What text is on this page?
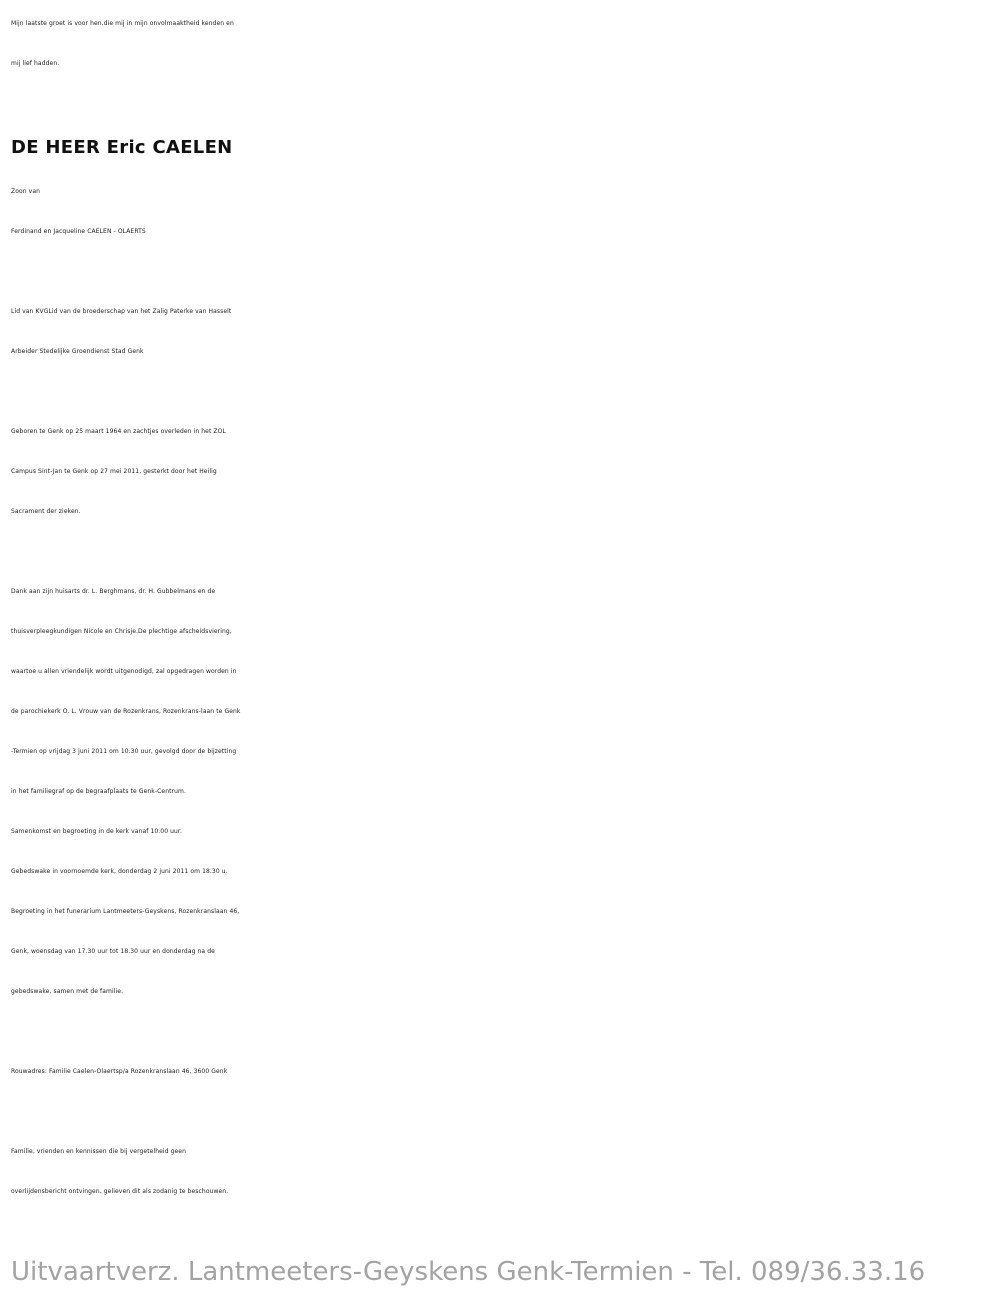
Mijn laatste groet is voor hen,die mij in mijn onvolmaaktheid kenden en
mij lief hadden.
DE HEER Eric CAELEN
Zoon van
Ferdinand en Jacqueline CAELEN - OLAERTS
Lid van KVGLid van de broederschap van het Zalig Paterke van Hasselt
Arbeider Stedelijke Groendienst Stad Genk
Geboren te Genk op 25 maart 1964 en zachtjes overleden in het ZOL
Campus Sint-Jan te Genk op 27 mei 2011, gesterkt door het Heilig
Sacrament der zieken.
Dank aan zijn huisarts dr. L. Berghmans, dr. H. Gubbelmans en de
thuisverpleegkundigen Nicole en Chrisje.De plechtige afscheidsviering,
waartoe u allen vriendelijk wordt uitgenodigd, zal opgedragen worden in
de parochiekerk O. L. Vrouw van de Rozenkrans, Rozenkrans-laan te Genk
-Termien op vrijdag 3 juni 2011 om 10.30 uur, gevolgd door de bijzetting
in het familiegraf op de begraafplaats te Genk-Centrum.
Samenkomst en begroeting in de kerk vanaf 10.00 uur.
Gebedswake in voornoemde kerk, donderdag 2 juni 2011 om 18.30 u.
Begroeting in het funerarium Lantmeeters-Geyskens, Rozenkranslaan 46,
Genk, woensdag van 17.30 uur tot 18.30 uur en donderdag na de
gebedswake, samen met de familie.
Rouwadres: Familie Caelen-Olaertsp/a Rozenkranslaan 46, 3600 Genk
Familie, vrienden en kennissen die bij vergetelheid geen
overlijdensbericht ontvingen, gelieven dit als zodanig te beschouwen.
Uitvaartverz. Lantmeeters-Geyskens Genk-Termien - Tel. 089/36.33.16
